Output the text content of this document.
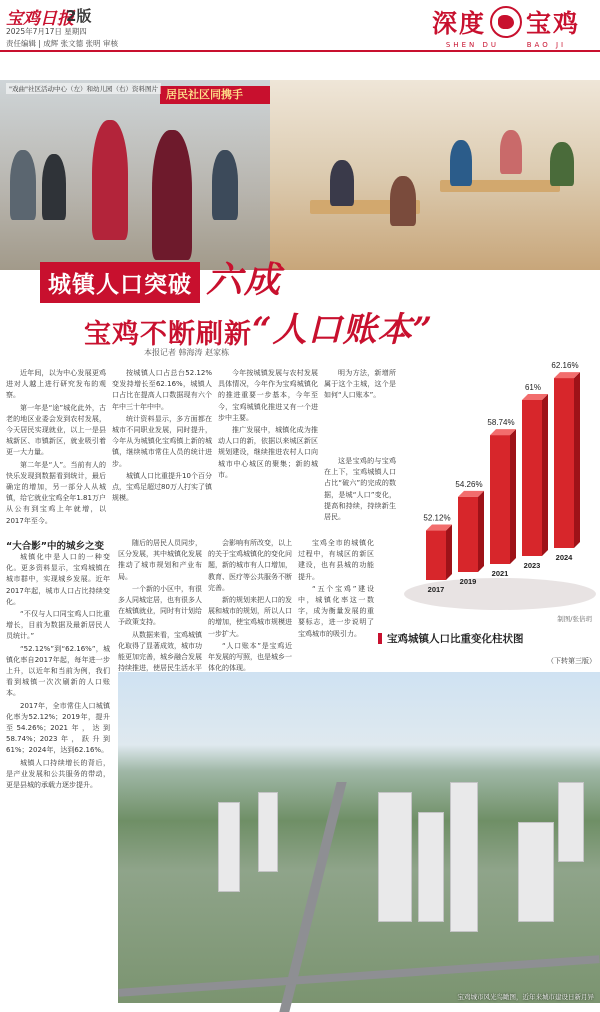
宝鸡日报
2版
2025年7月17日 星期四
责任编辑 | 成辉 张文德 张明 审核
深度 宝鸡
SHEN DU	BAO JI
居民社区同携手
"戏曲"社区活动中心（左）和幼儿园（右）资料图片
城镇人口突破 六成
宝鸡不断刷新 “人口账本”
本报记者 韩海涛 赵家栋

近年间，以为中心发展更鸡进对人越上进行研究发布的观察。

第一年是“途”城化此外，古老的地区业委会发到农村发展，今天居民实现就业，以上一是县城新区、市镇新区，就业吸引着更一大力量。

第二年是“人”。当前有人的快乐发现到数据看到统计，最后确定的增加，另一部分人从城镇，给它就业宝鸡全年1.81万户从公有到宝鸡上年就增，以2017年至今。

按城镇人口占总台52.12%变发持增长至62.16%，城镇人口占比在提高人口数据现有六个年中三十年中中。

统计资料显示，多方面都在城市不同职业发展，同时提升，今年从为城镇化宝鸡镇上新的城镇，继续城市常住人员的统计进步。

城镇人口比重提升10个百分点，宝鸡足超过80万人打实了镇规模。

今年按城镇发展与农村发展具体情况，今年作为宝鸡城镇化的推进重要一步基本，今年至今，宝鸡城镇化推进又有一个进步中主要。

推广发展中，城镇化成为推动人口的新，依据以来城区新区规划建设，继续推进农村人口向城市中心城区的聚集；新的城市。

明为方法，新增所属于这个主城，这个是如何“人口账本”。

这是宝鸡的与宝鸡在上下，宝鸡城镇人口占比“破六”的完成的数据，是城“人口”变化，提高和持续，持续新生居民。	52.12%
2017
54.26%
2019
58.74%
2021
61%
2023
62.16%
2024
制图/张倍玥
宝鸡城镇人口比重变化柱状图
“大合影”中的城乡之变

城镇化中是人口的一种变化。更多资料显示，宝鸡城镇在城市群中，实现城乡发展。近年2017年起，城市人口占比持续变化。

“不仅与人口同宝鸡人口比重增长，目前为数据及最新居民人员统计。”

“52.12%”到“62.16%”，城镇化率自2017年起，每年进一步上升，以近年和当前为例，我们看到城镇一次次刷新的人口账本。

2017年，全市常住人口城镇化率为52.12%；2019年，提升至54.26%；2021年，达到58.74%；2023年，跃升到61%；2024年，达到62.16%。

城镇人口持续增长的背后，是产业发展和公共服务的带动，更是县城的承载力逐步提升。

随后的居民人员同步，区分发展，其中城镇化发展推动了城市规划和产业布局。

一个新的小区中，有很多人同城定居，也有很多人在城镇就业，同时有计划给予政策支持。

从数据来看，宝鸡城镇化取得了显著成效，城市功能更加完善，城乡融合发展持续推进，使居民生活水平

会影响有所改变，以上的关于宝鸡城镇化的变化问题，新的城市有人口增加，教育、医疗等公共服务不断完善。

新的规划来把人口的发展和城市的规划，所以人口的增加，使宝鸡城市规模进一步扩大。

“人口账本”是宝鸡近年发展的写照，也是城乡一体化的体现。

宝鸡全市的城镇化过程中，有城区的新区建设，也有县城的功能提升。

“五个宝鸡”建设中，城镇化率这一数字，成为衡量发展的重要标志，进一步说明了宝鸡城市的吸引力。

（下转第三版）
宝鸡城市风光鸟瞰图，近年来城市建设日新月异
